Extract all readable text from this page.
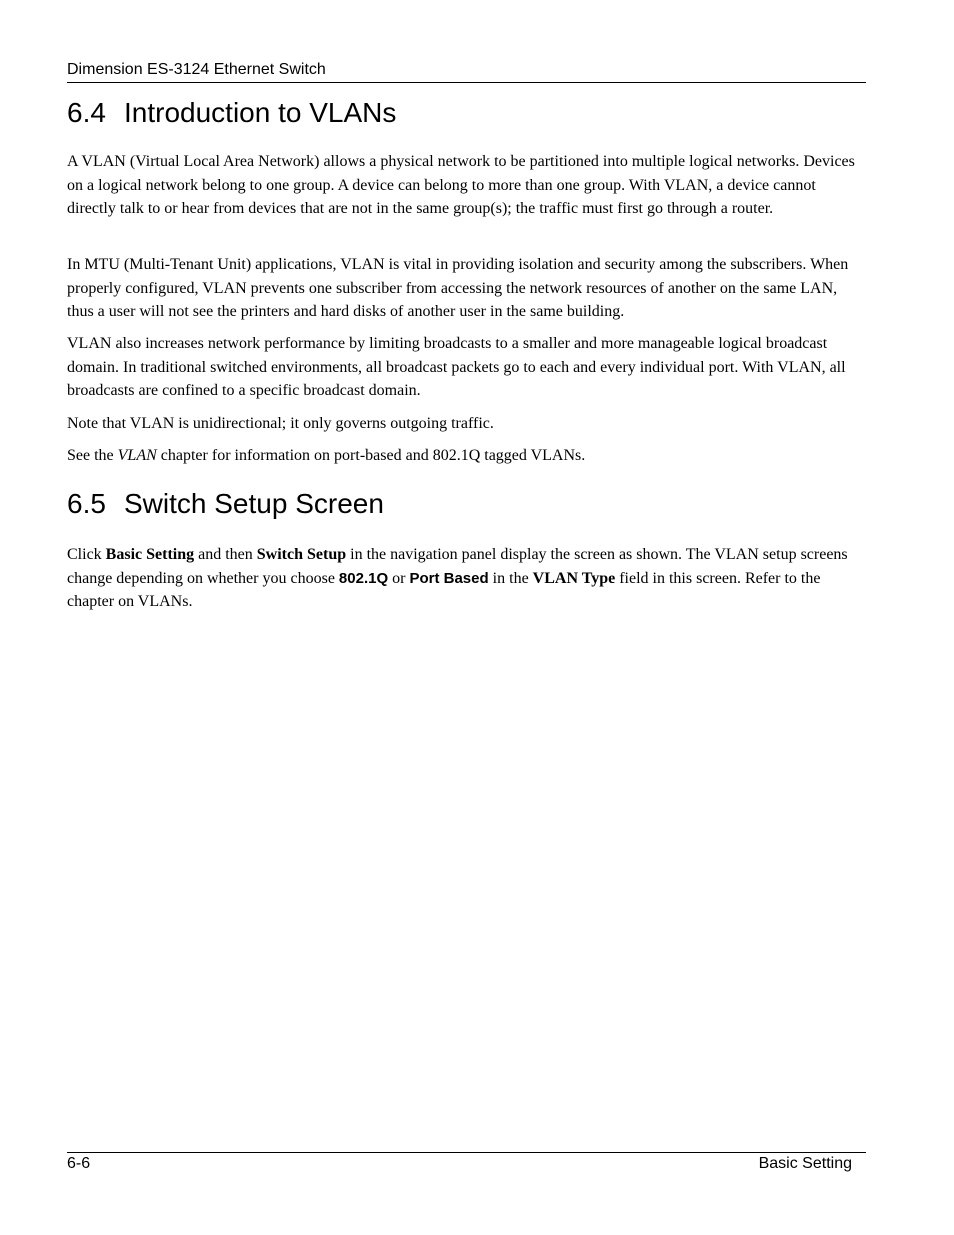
Dimension ES-3124 Ethernet Switch
6.4 Introduction to VLANs

A VLAN (Virtual Local Area Network) allows a physical network to be partitioned into multiple logical networks. Devices on a logical network belong to one group. A device can belong to more than one group. With VLAN, a device cannot directly talk to or hear from devices that are not in the same group(s); the traffic must first go through a router.

In MTU (Multi-Tenant Unit) applications, VLAN is vital in providing isolation and security among the subscribers. When properly configured, VLAN prevents one subscriber from accessing the network resources of another on the same LAN, thus a user will not see the printers and hard disks of another user in the same building.

VLAN also increases network performance by limiting broadcasts to a smaller and more manageable logical broadcast domain. In traditional switched environments, all broadcast packets go to each and every individual port. With VLAN, all broadcasts are confined to a specific broadcast domain.

Note that VLAN is unidirectional; it only governs outgoing traffic.

See the VLAN chapter for information on port-based and 802.1Q tagged VLANs.

6.5 Switch Setup Screen

Click Basic Setting and then Switch Setup in the navigation panel display the screen as shown. The VLAN setup screens change depending on whether you choose 802.1Q or Port Based in the VLAN Type field in this screen. Refer to the chapter on VLANs.

6-6	Basic Setting
